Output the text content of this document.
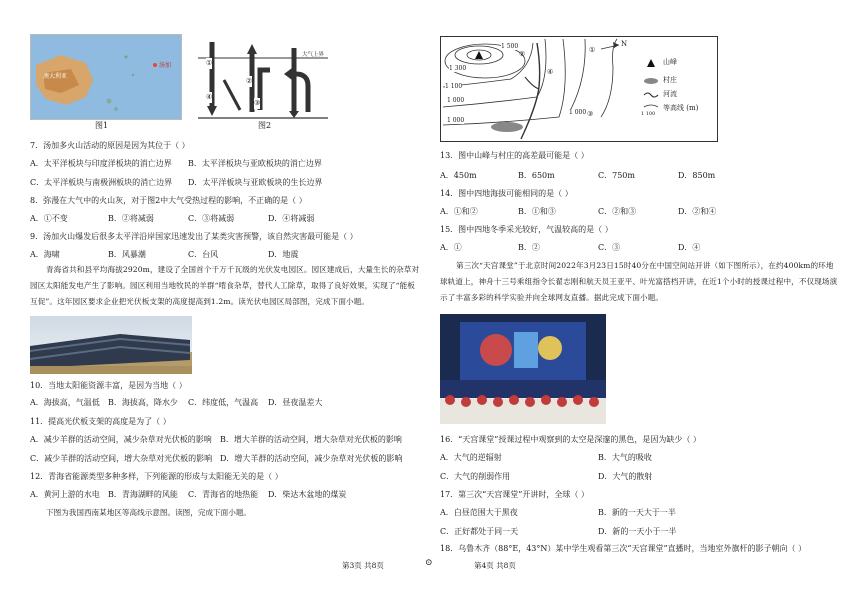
澳大利亚
汤加
图1
①
②
③
④
大气上界
图2
7．汤加多火山活动的原因是因为其位于（ ）
A．太平洋板块与印度洋板块的消亡边界 B．太平洋板块与亚欧板块的消亡边界
C．太平洋板块与南极洲板块的消亡边界 D．太平洋板块与亚欧板块的生长边界
8．弥漫在大气中的火山灰，对于图2中大气受热过程的影响，不正确的是（ ）
A．①不变	B．②将减弱	C．③将减弱	D．④将减弱
9．汤加火山爆发后很多太平洋沿岸国家迅速发出了某类灾害预警，该自然灾害最可能是（ ）
A．海啸	B．风暴潮	C．台风	D．地震
青海省共和县平均海拔2920m，建设了全国首个千万千瓦级的光伏发电园区。园区建成后，大量生长的杂草对园区太阳能发电产生了影响。园区利用当地牧民的羊群“啃食杂草，替代人工除草，取得了良好效果，实现了“能板互促”。这年园区要求企业把光伏板支架的高度提高到1.2m。读光伏电园区局部图，完成下面小题。
10．当地太阳能资源丰富，是因为当地（ ）
A．海拔高，气温低 B．海拔高，降水少 C．纬度低，气温高 D．昼夜温差大
11．提高光伏板支架的高度是为了（ ）
A．减少羊群的活动空间，减少杂草对光伏板的影响 B．增大羊群的活动空间，增大杂草对光伏板的影响
C．减少羊群的活动空间，增大杂草对光伏板的影响 D．增大羊群的活动空间，减少杂草对光伏板的影响
12．青海省能源类型多种多样，下列能源的形成与太阳能无关的是（ ）
A．黄河上游的水电 B．青海湖畔的风能 C．青海省的地热能 D．柴达木盆地的煤炭
下图为我国西南某地区等高线示意图。读图，完成下面小题。
第3页 共8页	⊙
1 300
1 500
1 100
1 000
1 000
1 000
①
②
③
④
N
山峰
村庄
河流
1 100
等高线 (m)
13．图中山峰与村庄的高差最可能是（ ）
A．450m	B．650m	C．750m	D．850m
14．图中四地海拔可能相同的是（ ）
A．①和②	B．①和③	C．②和③	D．②和④
15．图中四地冬季采光较好，气温较高的是（ ）
A．①	B．②	C．③	D．④
第三次“天宫课堂”于北京时间2022年3月23日15时40分在中国空间站开讲（如下图所示），在约400km的环地球轨道上，神舟十三号乘组指令长翟志刚和航天员王亚平、叶光富搭档开讲，在近1个小时的授课过程中，不仅现场演示了丰富多彩的科学实验并向全球网友直播。据此完成下面小题。
16．“天宫课堂”授课过程中观察到的太空是深邃的黑色，是因为缺少（ ）
A．大气的逆辐射	B．大气的吸收
C．大气的削弱作用	D．大气的散射
17．第三次“天宫课堂”开讲时，全球（ ）
A．白昼范围大于黑夜	B．新的一天大于一半
C．正好都处于同一天	D．新的一天小于一半
18．乌鲁木齐（88°E，43°N）某中学生观看第三次“天宫课堂”直播时，当地室外旗杆的影子朝向（ ）
第4页 共8页
